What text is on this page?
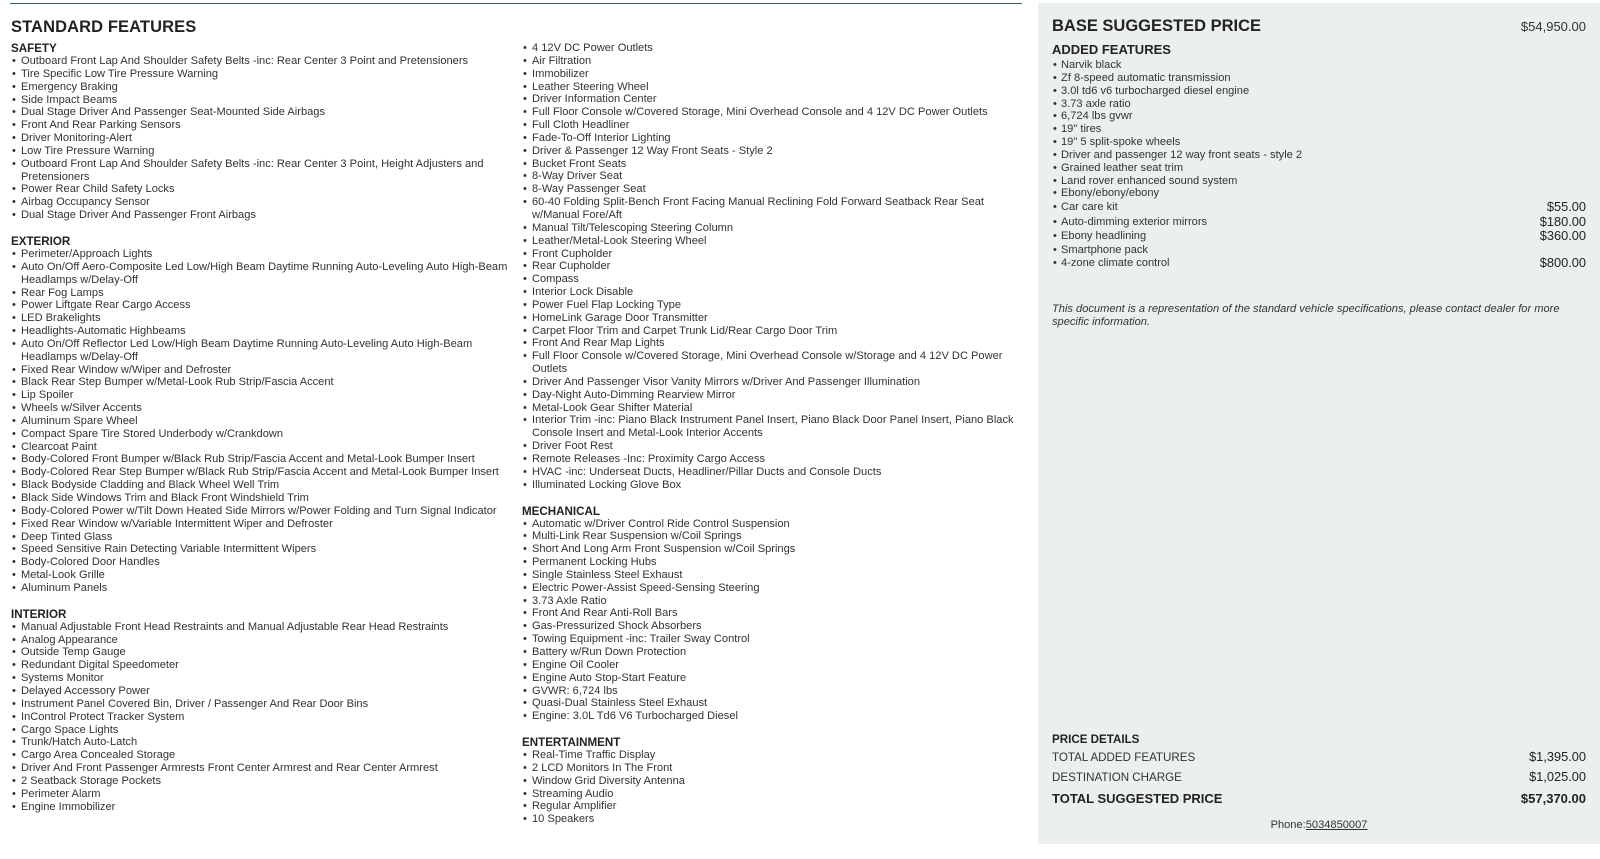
STANDARD FEATURES
SAFETY
• Outboard Front Lap And Shoulder Safety Belts -inc: Rear Center 3 Point and Pretensioners
• Tire Specific Low Tire Pressure Warning
• Emergency Braking
• Side Impact Beams
• Dual Stage Driver And Passenger Seat-Mounted Side Airbags
• Front And Rear Parking Sensors
• Driver Monitoring-Alert
• Low Tire Pressure Warning
• Outboard Front Lap And Shoulder Safety Belts -inc: Rear Center 3 Point, Height Adjusters and Pretensioners
• Power Rear Child Safety Locks
• Airbag Occupancy Sensor
• Dual Stage Driver And Passenger Front Airbags
EXTERIOR
• Perimeter/Approach Lights
• Auto On/Off Aero-Composite Led Low/High Beam Daytime Running Auto-Leveling Auto High-Beam Headlamps w/Delay-Off
• Rear Fog Lamps
• Power Liftgate Rear Cargo Access
• LED Brakelights
• Headlights-Automatic Highbeams
• Auto On/Off Reflector Led Low/High Beam Daytime Running Auto-Leveling Auto High-Beam Headlamps w/Delay-Off
• Fixed Rear Window w/Wiper and Defroster
• Black Rear Step Bumper w/Metal-Look Rub Strip/Fascia Accent
• Lip Spoiler
• Wheels w/Silver Accents
• Aluminum Spare Wheel
• Compact Spare Tire Stored Underbody w/Crankdown
• Clearcoat Paint
• Body-Colored Front Bumper w/Black Rub Strip/Fascia Accent and Metal-Look Bumper Insert
• Body-Colored Rear Step Bumper w/Black Rub Strip/Fascia Accent and Metal-Look Bumper Insert
• Black Bodyside Cladding and Black Wheel Well Trim
• Black Side Windows Trim and Black Front Windshield Trim
• Body-Colored Power w/Tilt Down Heated Side Mirrors w/Power Folding and Turn Signal Indicator
• Fixed Rear Window w/Variable Intermittent Wiper and Defroster
• Deep Tinted Glass
• Speed Sensitive Rain Detecting Variable Intermittent Wipers
• Body-Colored Door Handles
• Metal-Look Grille
• Aluminum Panels
INTERIOR
• Manual Adjustable Front Head Restraints and Manual Adjustable Rear Head Restraints
• Analog Appearance
• Outside Temp Gauge
• Redundant Digital Speedometer
• Systems Monitor
• Delayed Accessory Power
• Instrument Panel Covered Bin, Driver / Passenger And Rear Door Bins
• InControl Protect Tracker System
• Cargo Space Lights
• Trunk/Hatch Auto-Latch
• Cargo Area Concealed Storage
• Driver And Front Passenger Armrests Front Center Armrest and Rear Center Armrest
• 2 Seatback Storage Pockets
• Perimeter Alarm
• Engine Immobilizer
• 4 12V DC Power Outlets
• Air Filtration
• Immobilizer
• Leather Steering Wheel
• Driver Information Center
• Full Floor Console w/Covered Storage, Mini Overhead Console and 4 12V DC Power Outlets
• Full Cloth Headliner
• Fade-To-Off Interior Lighting
• Driver & Passenger 12 Way Front Seats - Style 2
• Bucket Front Seats
• 8-Way Driver Seat
• 8-Way Passenger Seat
• 60-40 Folding Split-Bench Front Facing Manual Reclining Fold Forward Seatback Rear Seat w/Manual Fore/Aft
• Manual Tilt/Telescoping Steering Column
• Leather/Metal-Look Steering Wheel
• Front Cupholder
• Rear Cupholder
• Compass
• Interior Lock Disable
• Power Fuel Flap Locking Type
• HomeLink Garage Door Transmitter
• Carpet Floor Trim and Carpet Trunk Lid/Rear Cargo Door Trim
• Front And Rear Map Lights
• Full Floor Console w/Covered Storage, Mini Overhead Console w/Storage and 4 12V DC Power Outlets
• Driver And Passenger Visor Vanity Mirrors w/Driver And Passenger Illumination
• Day-Night Auto-Dimming Rearview Mirror
• Metal-Look Gear Shifter Material
• Interior Trim -inc: Piano Black Instrument Panel Insert, Piano Black Door Panel Insert, Piano Black Console Insert and Metal-Look Interior Accents
• Driver Foot Rest
• Remote Releases -Inc: Proximity Cargo Access
• HVAC -inc: Underseat Ducts, Headliner/Pillar Ducts and Console Ducts
• Illuminated Locking Glove Box
MECHANICAL
• Automatic w/Driver Control Ride Control Suspension
• Multi-Link Rear Suspension w/Coil Springs
• Short And Long Arm Front Suspension w/Coil Springs
• Permanent Locking Hubs
• Single Stainless Steel Exhaust
• Electric Power-Assist Speed-Sensing Steering
• 3.73 Axle Ratio
• Front And Rear Anti-Roll Bars
• Gas-Pressurized Shock Absorbers
• Towing Equipment -inc: Trailer Sway Control
• Battery w/Run Down Protection
• Engine Oil Cooler
• Engine Auto Stop-Start Feature
• GVWR: 6,724 lbs
• Quasi-Dual Stainless Steel Exhaust
• Engine: 3.0L Td6 V6 Turbocharged Diesel
ENTERTAINMENT
• Real-Time Traffic Display
• 2 LCD Monitors In The Front
• Window Grid Diversity Antenna
• Streaming Audio
• Regular Amplifier
• 10 Speakers
BASE SUGGESTED PRICE	$54,950.00
ADDED FEATURES
• Narvik black
• Zf 8-speed automatic transmission
• 3.0l td6 v6 turbocharged diesel engine
• 3.73 axle ratio
• 6,724 lbs gvwr
• 19" tires
• 19" 5 split-spoke wheels
• Driver and passenger 12 way front seats - style 2
• Grained leather seat trim
• Land rover enhanced sound system
• Ebony/ebony/ebony
• Car care kit	$55.00
• Auto-dimming exterior mirrors	$180.00
• Ebony headlining	$360.00
• Smartphone pack
• 4-zone climate control	$800.00
This document is a representation of the standard vehicle specifications, please contact dealer for more specific information.
PRICE DETAILS
TOTAL ADDED FEATURES	$1,395.00
DESTINATION CHARGE	$1,025.00
TOTAL SUGGESTED PRICE	$57,370.00
Phone:5034850007
